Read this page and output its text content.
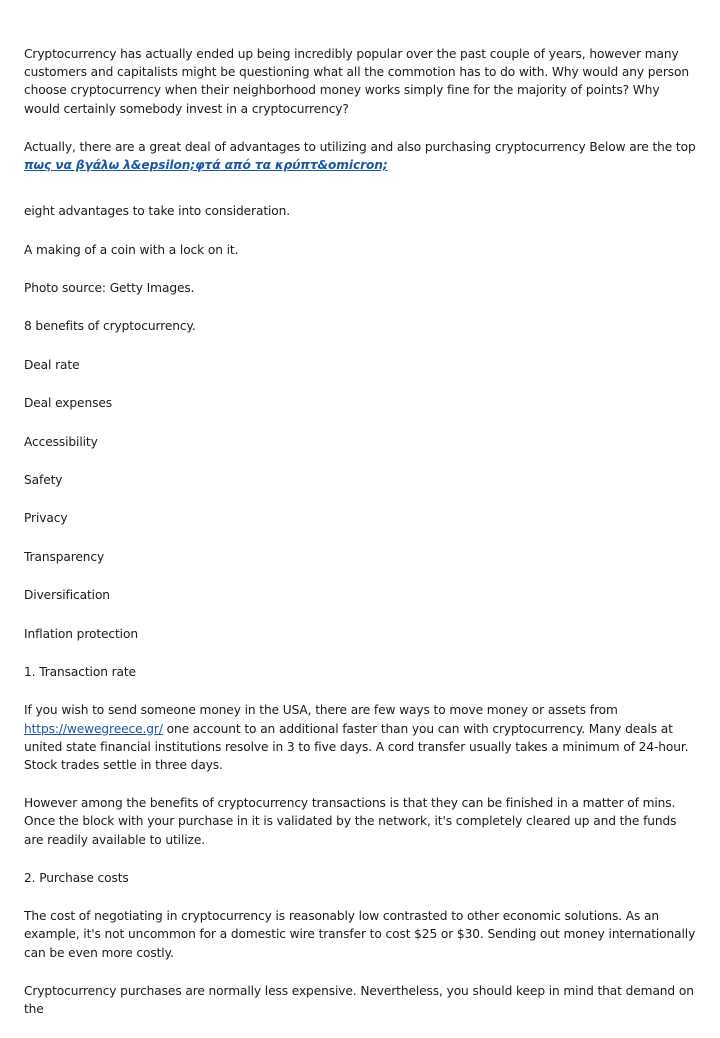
Cryptocurrency has actually ended up being incredibly popular over the past couple of years, however many customers and capitalists might be questioning what all the commotion has to do with. Why would any person choose cryptocurrency when their neighborhood money works simply fine for the majority of points? Why would certainly somebody invest in a cryptocurrency?

Actually, there are a great deal of advantages to utilizing and also purchasing cryptocurrency Below are the top
πως να βγάλω λ&epsilon;φτά από τα κρύπτ&omicron;

eight advantages to take into consideration.

A making of a coin with a lock on it.

Photo source: Getty Images.

8 benefits of cryptocurrency.

Deal rate

Deal expenses

Accessibility

Safety

Privacy

Transparency

Diversification

Inflation protection

1. Transaction rate

If you wish to send someone money in the USA, there are few ways to move money or assets from
https://wewegreece.gr/ one account to an additional faster than you can with cryptocurrency. Many deals at united state financial institutions resolve in 3 to five days. A cord transfer usually takes a minimum of 24-hour. Stock trades settle in three days.

However among the benefits of cryptocurrency transactions is that they can be finished in a matter of mins. Once the block with your purchase in it is validated by the network, it's completely cleared up and the funds are readily available to utilize.

2. Purchase costs

The cost of negotiating in cryptocurrency is reasonably low contrasted to other economic solutions. As an example, it's not uncommon for a domestic wire transfer to cost $25 or $30. Sending out money internationally can be even more costly.

Cryptocurrency purchases are normally less expensive. Nevertheless, you should keep in mind that demand on the
